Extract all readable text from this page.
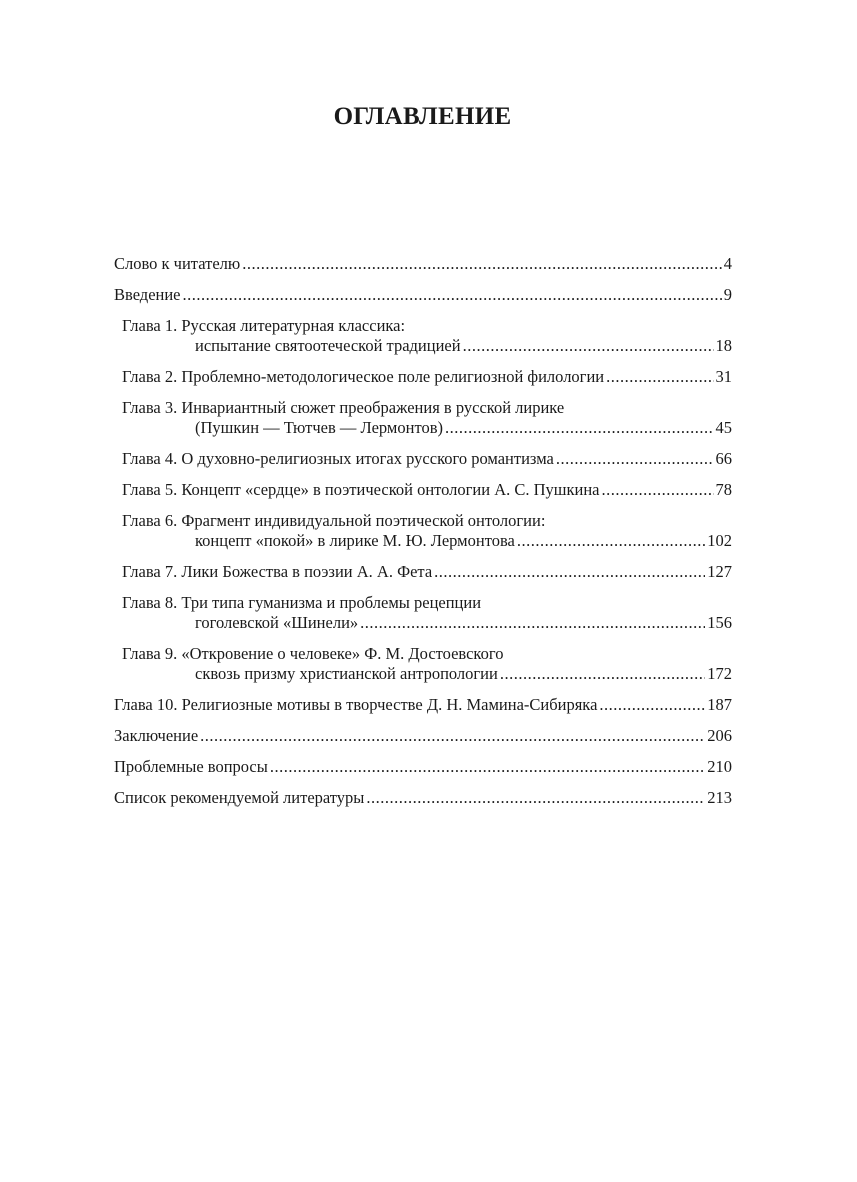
ОГЛАВЛЕНИЕ
Слово к читателю .....	4
Введение .....	9
Глава 1. Русская литературная классика:
испытание святоотеческой традицией .....	18
Глава 2. Проблемно-методологическое поле религиозной филологии .....	31
Глава 3. Инвариантный сюжет преображения в русской лирике
(Пушкин — Тютчев — Лермонтов) .....	45
Глава 4. О духовно-религиозных итогах русского романтизма .....	66
Глава 5. Концепт «сердце» в поэтической онтологии А. С. Пушкина .....	78
Глава 6. Фрагмент индивидуальной поэтической онтологии:
концепт «покой» в лирике М. Ю. Лермонтова .....	102
Глава 7. Лики Божества в поэзии А. А. Фета .....	127
Глава 8. Три типа гуманизма и проблемы рецепции
гоголевской «Шинели» .....	156
Глава 9. «Откровение о человеке» Ф. М. Достоевского
сквозь призму христианской антропологии .....	172
Глава 10. Религиозные мотивы в творчестве Д. Н. Мамина-Сибиряка .....	187
Заключение .....	206
Проблемные вопросы .....	210
Список рекомендуемой литературы .....	213
